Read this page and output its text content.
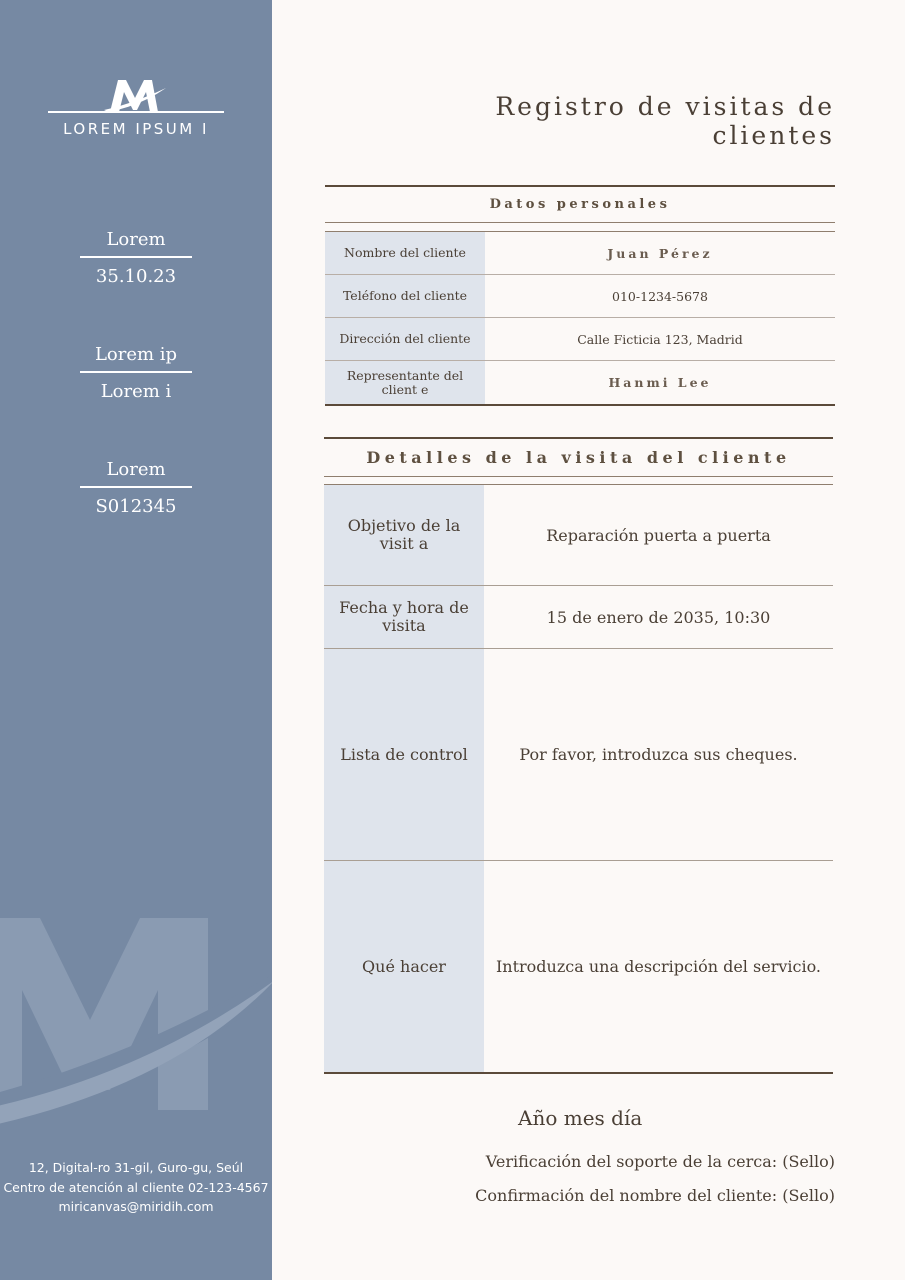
LOREM IPSUM I
Lorem
35.10.23
Lorem ip
Lorem i
Lorem
S012345
12, Digital-ro 31-gil, Guro-gu, Seúl
Centro de atención al cliente 02-123-4567
miricanvas@miridih.com
Registro de visitas de
clientes
Datos personales
Nombre del cliente	Juan Pérez
Teléfono del cliente	010-1234-5678
Dirección del cliente	Calle Ficticia 123, Madrid
Representante del client e	Hanmi Lee
Detalles de la visita del cliente
Objetivo de la visit a	Reparación puerta a puerta
Fecha y hora de visita	15 de enero de 2035, 10:30
Lista de control	Por favor, introduzca sus cheques.
Qué hacer	Introduzca una descripción del servicio.
Año mes día
Verificación del soporte de la cerca: (Sello)
Confirmación del nombre del cliente: (Sello)
